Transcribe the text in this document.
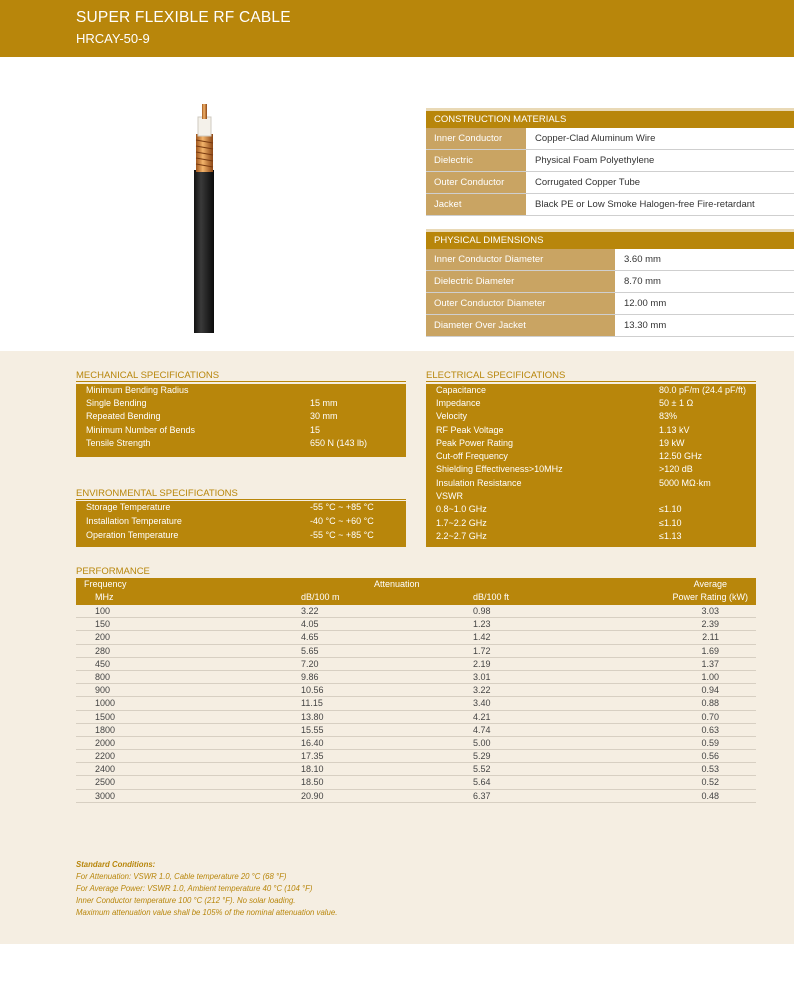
SUPER FLEXIBLE RF CABLE
HRCAY-50-9
CONSTRUCTION MATERIALS
Inner Conductor	Copper-Clad Aluminum Wire
Dielectric	Physical Foam Polyethylene
Outer Conductor	Corrugated Copper Tube
Jacket	Black PE or Low Smoke Halogen-free Fire-retardant
PHYSICAL DIMENSIONS
Inner Conductor Diameter	3.60 mm
Dielectric Diameter	8.70 mm
Outer Conductor Diameter	12.00 mm
Diameter Over Jacket	13.30 mm
MECHANICAL SPECIFICATIONS
Minimum Bending Radius
Single Bending	15 mm
Repeated Bending	30 mm
Minimum Number of Bends	15
Tensile Strength	650 N (143 lb)
ENVIRONMENTAL SPECIFICATIONS
Storage Temperature	-55 °C ~ +85 °C
Installation Temperature	-40 °C ~ +60 °C
Operation Temperature	-55 °C ~ +85 °C
ELECTRICAL SPECIFICATIONS
Capacitance	80.0 pF/m (24.4 pF/ft)
Impedance	50 ± 1 Ω
Velocity	83%
RF Peak Voltage	1.13 kV
Peak Power Rating	19 kW
Cut-off Frequency	12.50 GHz
Shielding Effectiveness>10MHz	>120 dB
Insulation Resistance	5000 MΩ·km
VSWR
0.8~1.0 GHz	≤1.10
1.7~2.2 GHz	≤1.10
2.2~2.7 GHz	≤1.13
PERFORMANCE
Frequency
MHz
Attenuation
dB/100 m	dB/100 ft
Average
Power Rating (kW)
100	3.22	0.98	3.03
150	4.05	1.23	2.39
200	4.65	1.42	2.11
280	5.65	1.72	1.69
450	7.20	2.19	1.37
800	9.86	3.01	1.00
900	10.56	3.22	0.94
1000	11.15	3.40	0.88
1500	13.80	4.21	0.70
1800	15.55	4.74	0.63
2000	16.40	5.00	0.59
2200	17.35	5.29	0.56
2400	18.10	5.52	0.53
2500	18.50	5.64	0.52
3000	20.90	6.37	0.48
Standard Conditions:
For Attenuation: VSWR 1.0, Cable temperature 20 °C (68 °F)
For Average Power: VSWR 1.0, Ambient temperature 40 °C (104 °F)
Inner Conductor temperature 100 °C (212 °F). No solar loading.
Maximum attenuation value shall be 105% of the nominal attenuation value.
